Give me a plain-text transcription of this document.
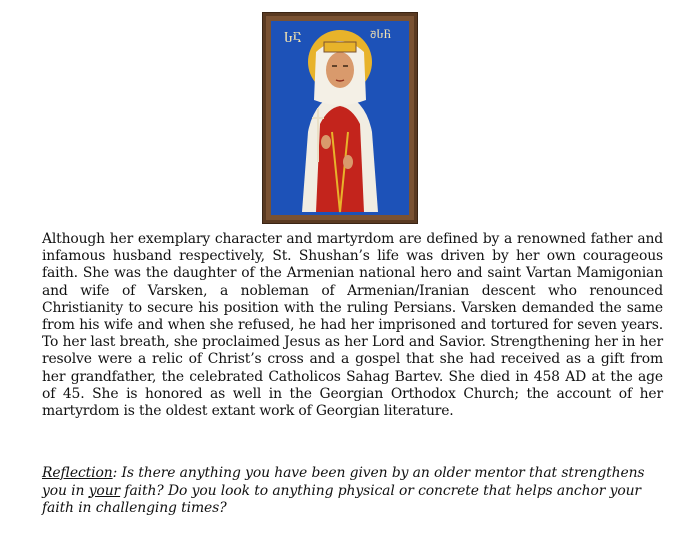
ႱႠ	ᲨႱႬ

Although her exemplary character and martyrdom are defined by a renowned father and infamous husband respectively, St. Shushan’s life was driven by her own courageous faith. She was the daughter of the Armenian national hero and saint Vartan Mamigonian and wife of Varsken, a nobleman of Armenian/Iranian descent who renounced Christianity to secure his position with the ruling Persians. Varsken demanded the same from his wife and when she refused, he had her imprisoned and tortured for seven years. To her last breath, she proclaimed Jesus as her Lord and Savior. Strengthening her in her resolve were a relic of Christ’s cross and a gospel that she had received as a gift from her grandfather, the celebrated Catholicos Sahag Bartev. She died in 458 AD at the age of 45. She is honored as well in the Georgian Orthodox Church; the account of her martyrdom is the oldest extant work of Georgian literature.

Reflection: Is there anything you have been given by an older mentor that strengthens you in your faith? Do you look to anything physical or concrete that helps anchor your faith in challenging times?
